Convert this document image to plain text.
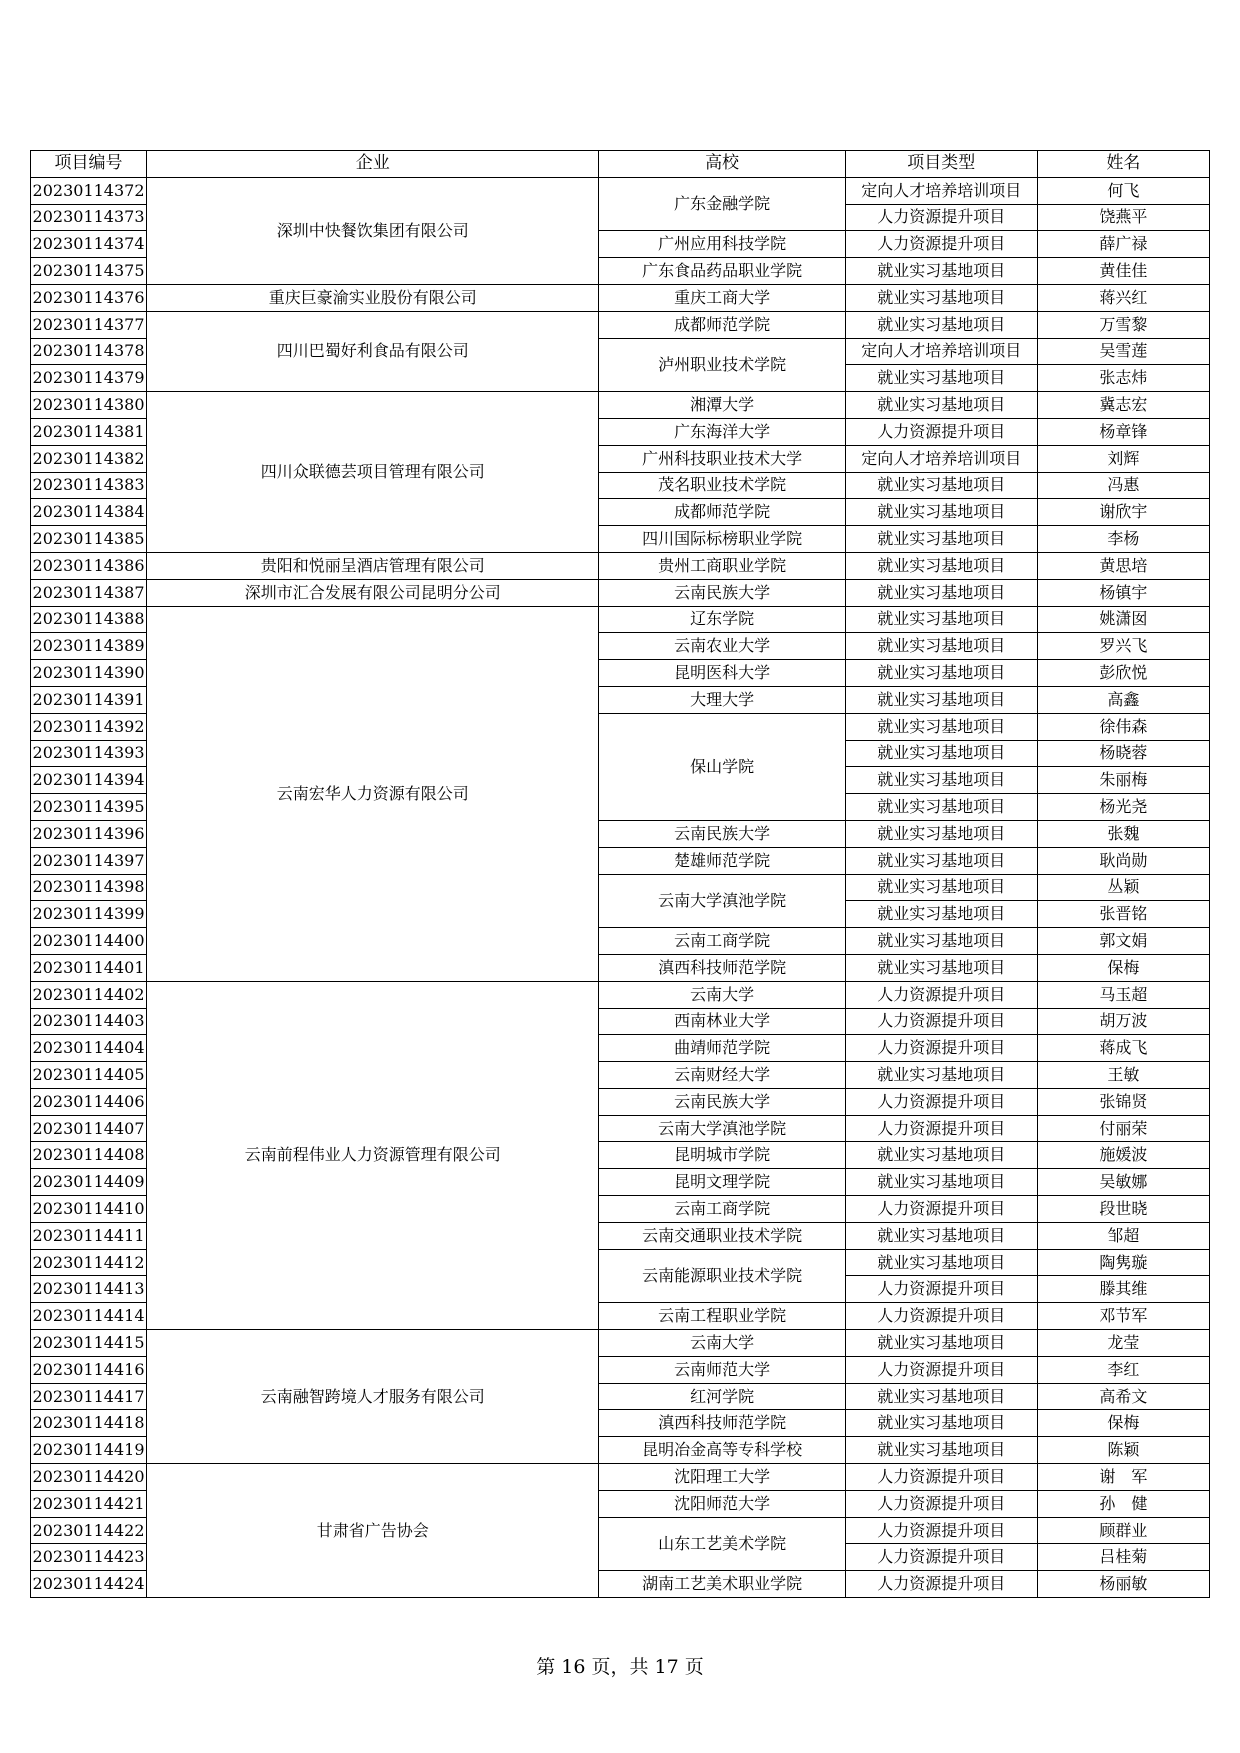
项目编号	企业	高校	项目类型	姓名
20230114372	深圳中快餐饮集团有限公司	广东金融学院	定向人才培养培训项目	何飞
20230114373			人力资源提升项目	饶燕平
20230114374		广州应用科技学院	人力资源提升项目	薛广禄
20230114375		广东食品药品职业学院	就业实习基地项目	黄佳佳
20230114376	重庆巨豪渝实业股份有限公司	重庆工商大学	就业实习基地项目	蒋兴红
20230114377	四川巴蜀好利食品有限公司	成都师范学院	就业实习基地项目	万雪黎
20230114378		泸州职业技术学院	定向人才培养培训项目	吴雪莲
20230114379			就业实习基地项目	张志炜
20230114380	四川众联德芸项目管理有限公司	湘潭大学	就业实习基地项目	冀志宏
20230114381		广东海洋大学	人力资源提升项目	杨章锋
20230114382		广州科技职业技术大学	定向人才培养培训项目	刘辉
20230114383		茂名职业技术学院	就业实习基地项目	冯惠
20230114384		成都师范学院	就业实习基地项目	谢欣宇
20230114385		四川国际标榜职业学院	就业实习基地项目	李杨
20230114386	贵阳和悦丽呈酒店管理有限公司	贵州工商职业学院	就业实习基地项目	黄思培
20230114387	深圳市汇合发展有限公司昆明分公司	云南民族大学	就业实习基地项目	杨镇宇
20230114388	云南宏华人力资源有限公司	辽东学院	就业实习基地项目	姚潇囡
20230114389		云南农业大学	就业实习基地项目	罗兴飞
20230114390		昆明医科大学	就业实习基地项目	彭欣悦
20230114391		大理大学	就业实习基地项目	高鑫
20230114392		保山学院	就业实习基地项目	徐伟森
20230114393			就业实习基地项目	杨晓蓉
20230114394			就业实习基地项目	朱丽梅
20230114395			就业实习基地项目	杨光尧
20230114396		云南民族大学	就业实习基地项目	张魏
20230114397		楚雄师范学院	就业实习基地项目	耿尚勋
20230114398		云南大学滇池学院	就业实习基地项目	丛颖
20230114399			就业实习基地项目	张晋铭
20230114400		云南工商学院	就业实习基地项目	郭文娟
20230114401		滇西科技师范学院	就业实习基地项目	保梅
20230114402	云南前程伟业人力资源管理有限公司	云南大学	人力资源提升项目	马玉超
20230114403		西南林业大学	人力资源提升项目	胡万波
20230114404		曲靖师范学院	人力资源提升项目	蒋成飞
20230114405		云南财经大学	就业实习基地项目	王敏
20230114406		云南民族大学	人力资源提升项目	张锦贤
20230114407		云南大学滇池学院	人力资源提升项目	付丽荣
20230114408		昆明城市学院	就业实习基地项目	施媛波
20230114409		昆明文理学院	就业实习基地项目	吴敏娜
20230114410		云南工商学院	人力资源提升项目	段世晓
20230114411		云南交通职业技术学院	就业实习基地项目	邹超
20230114412		云南能源职业技术学院	就业实习基地项目	陶隽璇
20230114413			人力资源提升项目	滕其维
20230114414		云南工程职业学院	人力资源提升项目	邓节军
20230114415	云南融智跨境人才服务有限公司	云南大学	就业实习基地项目	龙莹
20230114416		云南师范大学	人力资源提升项目	李红
20230114417		红河学院	就业实习基地项目	高希文
20230114418		滇西科技师范学院	就业实习基地项目	保梅
20230114419		昆明冶金高等专科学校	就业实习基地项目	陈颖
20230114420	甘肃省广告协会	沈阳理工大学	人力资源提升项目	谢　军
20230114421		沈阳师范大学	人力资源提升项目	孙　健
20230114422		山东工艺美术学院	人力资源提升项目	顾群业
20230114423			人力资源提升项目	吕桂菊
20230114424		湖南工艺美术职业学院	人力资源提升项目	杨丽敏
第 16 页，共 17 页
